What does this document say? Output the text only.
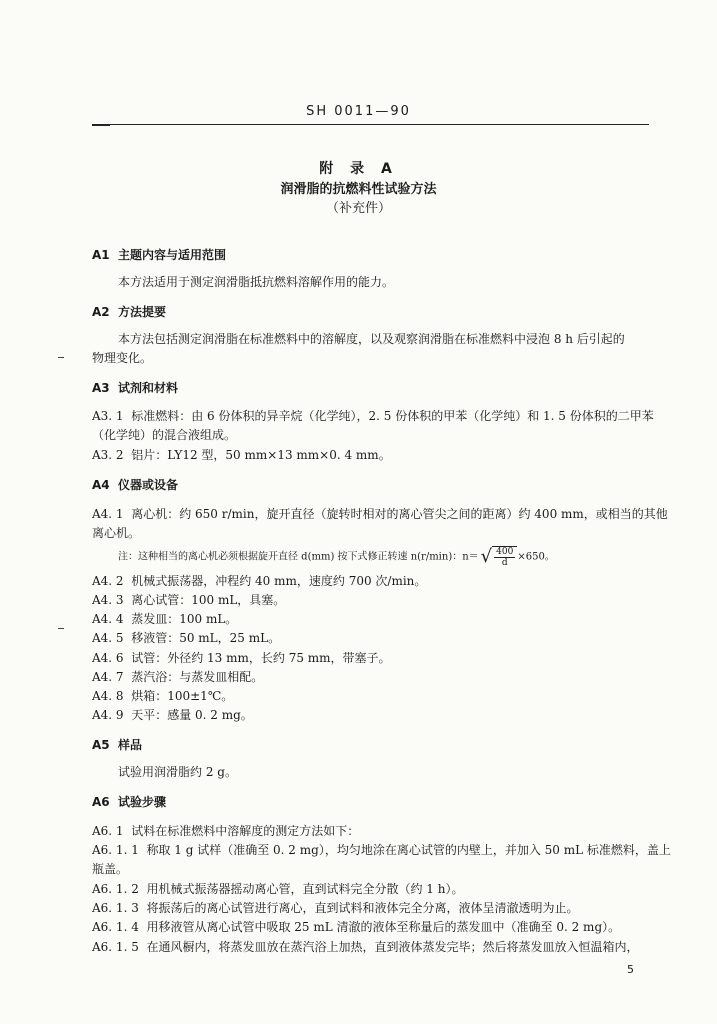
SH 0011—90
附 录 A
润滑脂的抗燃料性试验方法
（补充件）
A1 主题内容与适用范围
本方法适用于测定润滑脂抵抗燃料溶解作用的能力。
A2 方法提要
本方法包括测定润滑脂在标准燃料中的溶解度，以及观察润滑脂在标准燃料中浸泡 8 h 后引起的
物理变化。
A3 试剂和材料
A3. 1 标准燃料：由 6 份体积的异辛烷（化学纯），2. 5 份体积的甲苯（化学纯）和 1. 5 份体积的二甲苯
（化学纯）的混合液组成。
A3. 2 铝片：LY12 型，50 mm×13 mm×0. 4 mm。
A4 仪器或设备
A4. 1 离心机：约 650 r/min，旋开直径（旋转时相对的离心管尖之间的距离）约 400 mm，或相当的其他
离心机。
注：这种相当的离心机必须根据旋开直径 d(mm) 按下式修正转速 n(r/min)：n＝ √ $\frac{400}{d} \times 650$。
A4. 2 机械式振荡器，冲程约 40 mm，速度约 700 次/min。
A4. 3 离心试管：100 mL，具塞。
A4. 4 蒸发皿：100 mL。
A4. 5 移液管：50 mL，25 mL。
A4. 6 试管：外径约 13 mm，长约 75 mm，带塞子。
A4. 7 蒸汽浴：与蒸发皿相配。
A4. 8 烘箱：100±1℃。
A4. 9 天平：感量 0. 2 mg。
A5 样品
试验用润滑脂约 2 g。
A6 试验步骤
A6. 1 试料在标准燃料中溶解度的测定方法如下：
A6. 1. 1 称取 1 g 试样（准确至 0. 2 mg），均匀地涂在离心试管的内壁上，并加入 50 mL 标准燃料，盖上
瓶盖。
A6. 1. 2 用机械式振荡器摇动离心管，直到试料完全分散（约 1 h）。
A6. 1. 3 将振荡后的离心试管进行离心，直到试料和液体完全分离，液体呈清澈透明为止。
A6. 1. 4 用移液管从离心试管中吸取 25 mL 清澈的液体至称量后的蒸发皿中（准确至 0. 2 mg）。
A6. 1. 5 在通风橱内，将蒸发皿放在蒸汽浴上加热，直到液体蒸发完毕；然后将蒸发皿放入恒温箱内，
5
